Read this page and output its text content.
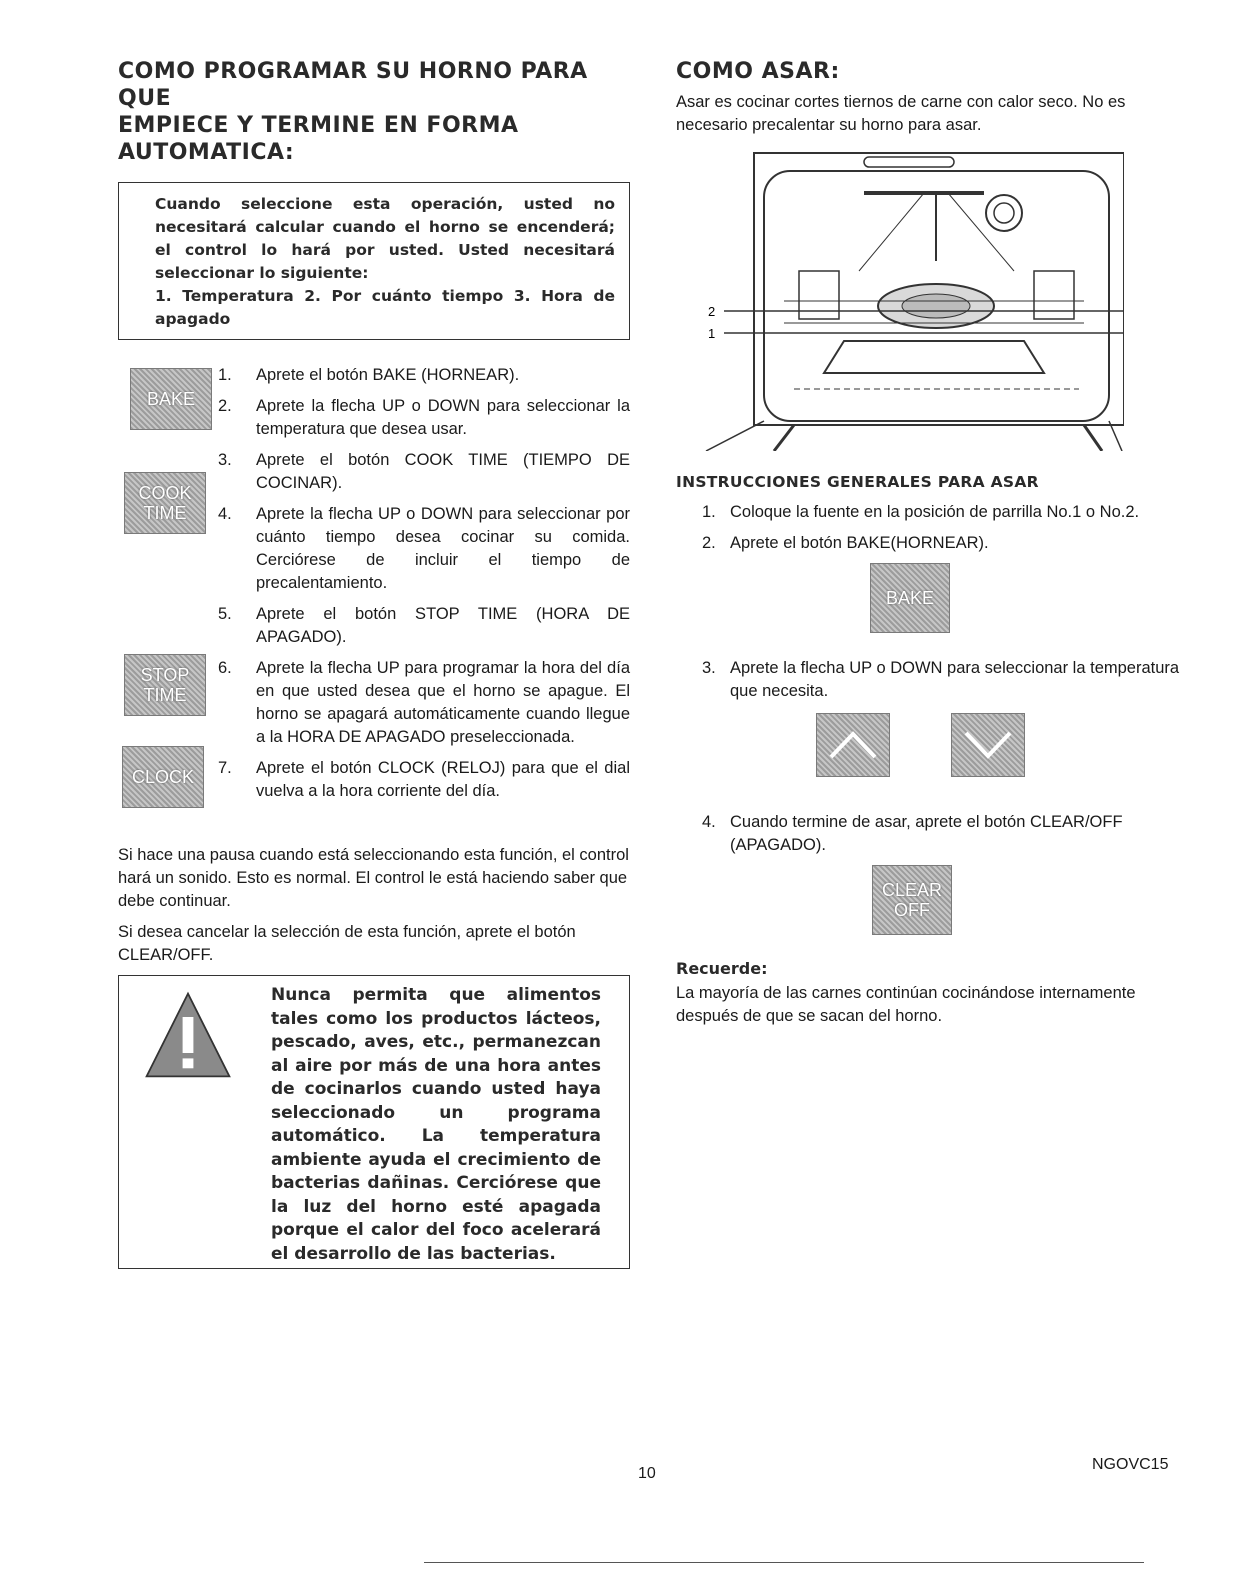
COMO PROGRAMAR SU HORNO PARA QUE
EMPIECE Y TERMINE EN FORMA
AUTOMATICA:
Cuando seleccione esta operación, usted no necesitará calcular cuando el horno se encenderá; el control lo hará por usted. Usted necesitará seleccionar lo siguiente:
1. Temperatura 2. Por cuánto tiempo 3. Hora de apagado
BAKE
COOK
TIME
STOP
TIME
CLOCK
1. Aprete el botón BAKE (HORNEAR).
2. Aprete la flecha UP o DOWN para seleccionar la temperatura que desea usar.
3. Aprete el botón COOK TIME (TIEMPO DE COCINAR).
4. Aprete la flecha UP o DOWN para seleccionar por cuánto tiempo desea cocinar su comida. Cerciórese de incluir el tiempo de precalentamiento.
5. Aprete el botón STOP TIME (HORA DE APAGADO).
6. Aprete la flecha UP para programar la hora del día en que usted desea que el horno se apague. El horno se apagará automáticamente cuando llegue a la HORA DE APAGADO preseleccionada.
7. Aprete el botón CLOCK (RELOJ) para que el dial vuelva a la hora corriente del día.

Si hace una pausa cuando está seleccionando esta función, el control hará un sonido. Esto es normal. El control le está haciendo saber que debe continuar.

Si desea cancelar la selección de esta función, aprete el botón CLEAR/OFF.

Nunca permita que alimentos tales como los productos lácteos, pescado, aves, etc., permanezcan al aire por más de una hora antes de cocinarlos cuando usted haya seleccionado un programa automático. La temperatura ambiente ayuda el crecimiento de bacterias dañinas. Cerciórese que la luz del horno esté apagada porque el calor del foco acelerará el desarrollo de las bacterias.
COMO ASAR:

Asar es cocinar cortes tiernos de carne con calor seco. No es necesario precalentar su horno para asar.

2
1
INSTRUCCIONES GENERALES PARA ASAR
1. Coloque la fuente en la posición de parrilla No.1 o No.2.
2. Aprete el botón BAKE(HORNEAR).
BAKE
3. Aprete la flecha UP o DOWN para seleccionar la temperatura que necesita.
4. Cuando termine de asar, aprete el botón CLEAR/OFF (APAGADO).
CLEAR
OFF
Recuerde:

La mayoría de las carnes continúan cocinándose internamente después de que se sacan del horno.

10
NGOVC15
